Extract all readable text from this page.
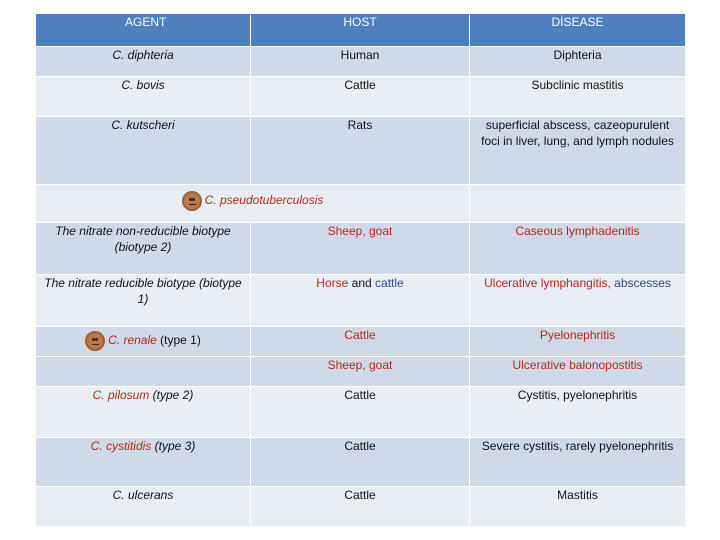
AGENT	HOST	DİSEASE
C. diphteria	Human	Diphteria
C. bovis	Cattle	Subclinic mastitis
C. kutscheri	Rats	superficial abscess, cazeopurulent foci in liver, lung, and lymph nodules

C. pseudotuberculosis		
The nitrate non-reducible biotype (biotype 2)	Sheep, goat	Caseous lymphadenitis
The nitrate reducible biotype (biotype 1)	Horse and cattle	Ulcerative lymphangitis, abscesses

C. renale (type 1)	Cattle	Pyelonephritis
	Sheep, goat	Ulcerative balonopostitis
C. pilosum (type 2)	Cattle	Cystitis, pyelonephritis
C. cystitidis (type 3)	Cattle	Severe cystitis, rarely pyelonephritis
C. ulcerans	Cattle	Mastitis
